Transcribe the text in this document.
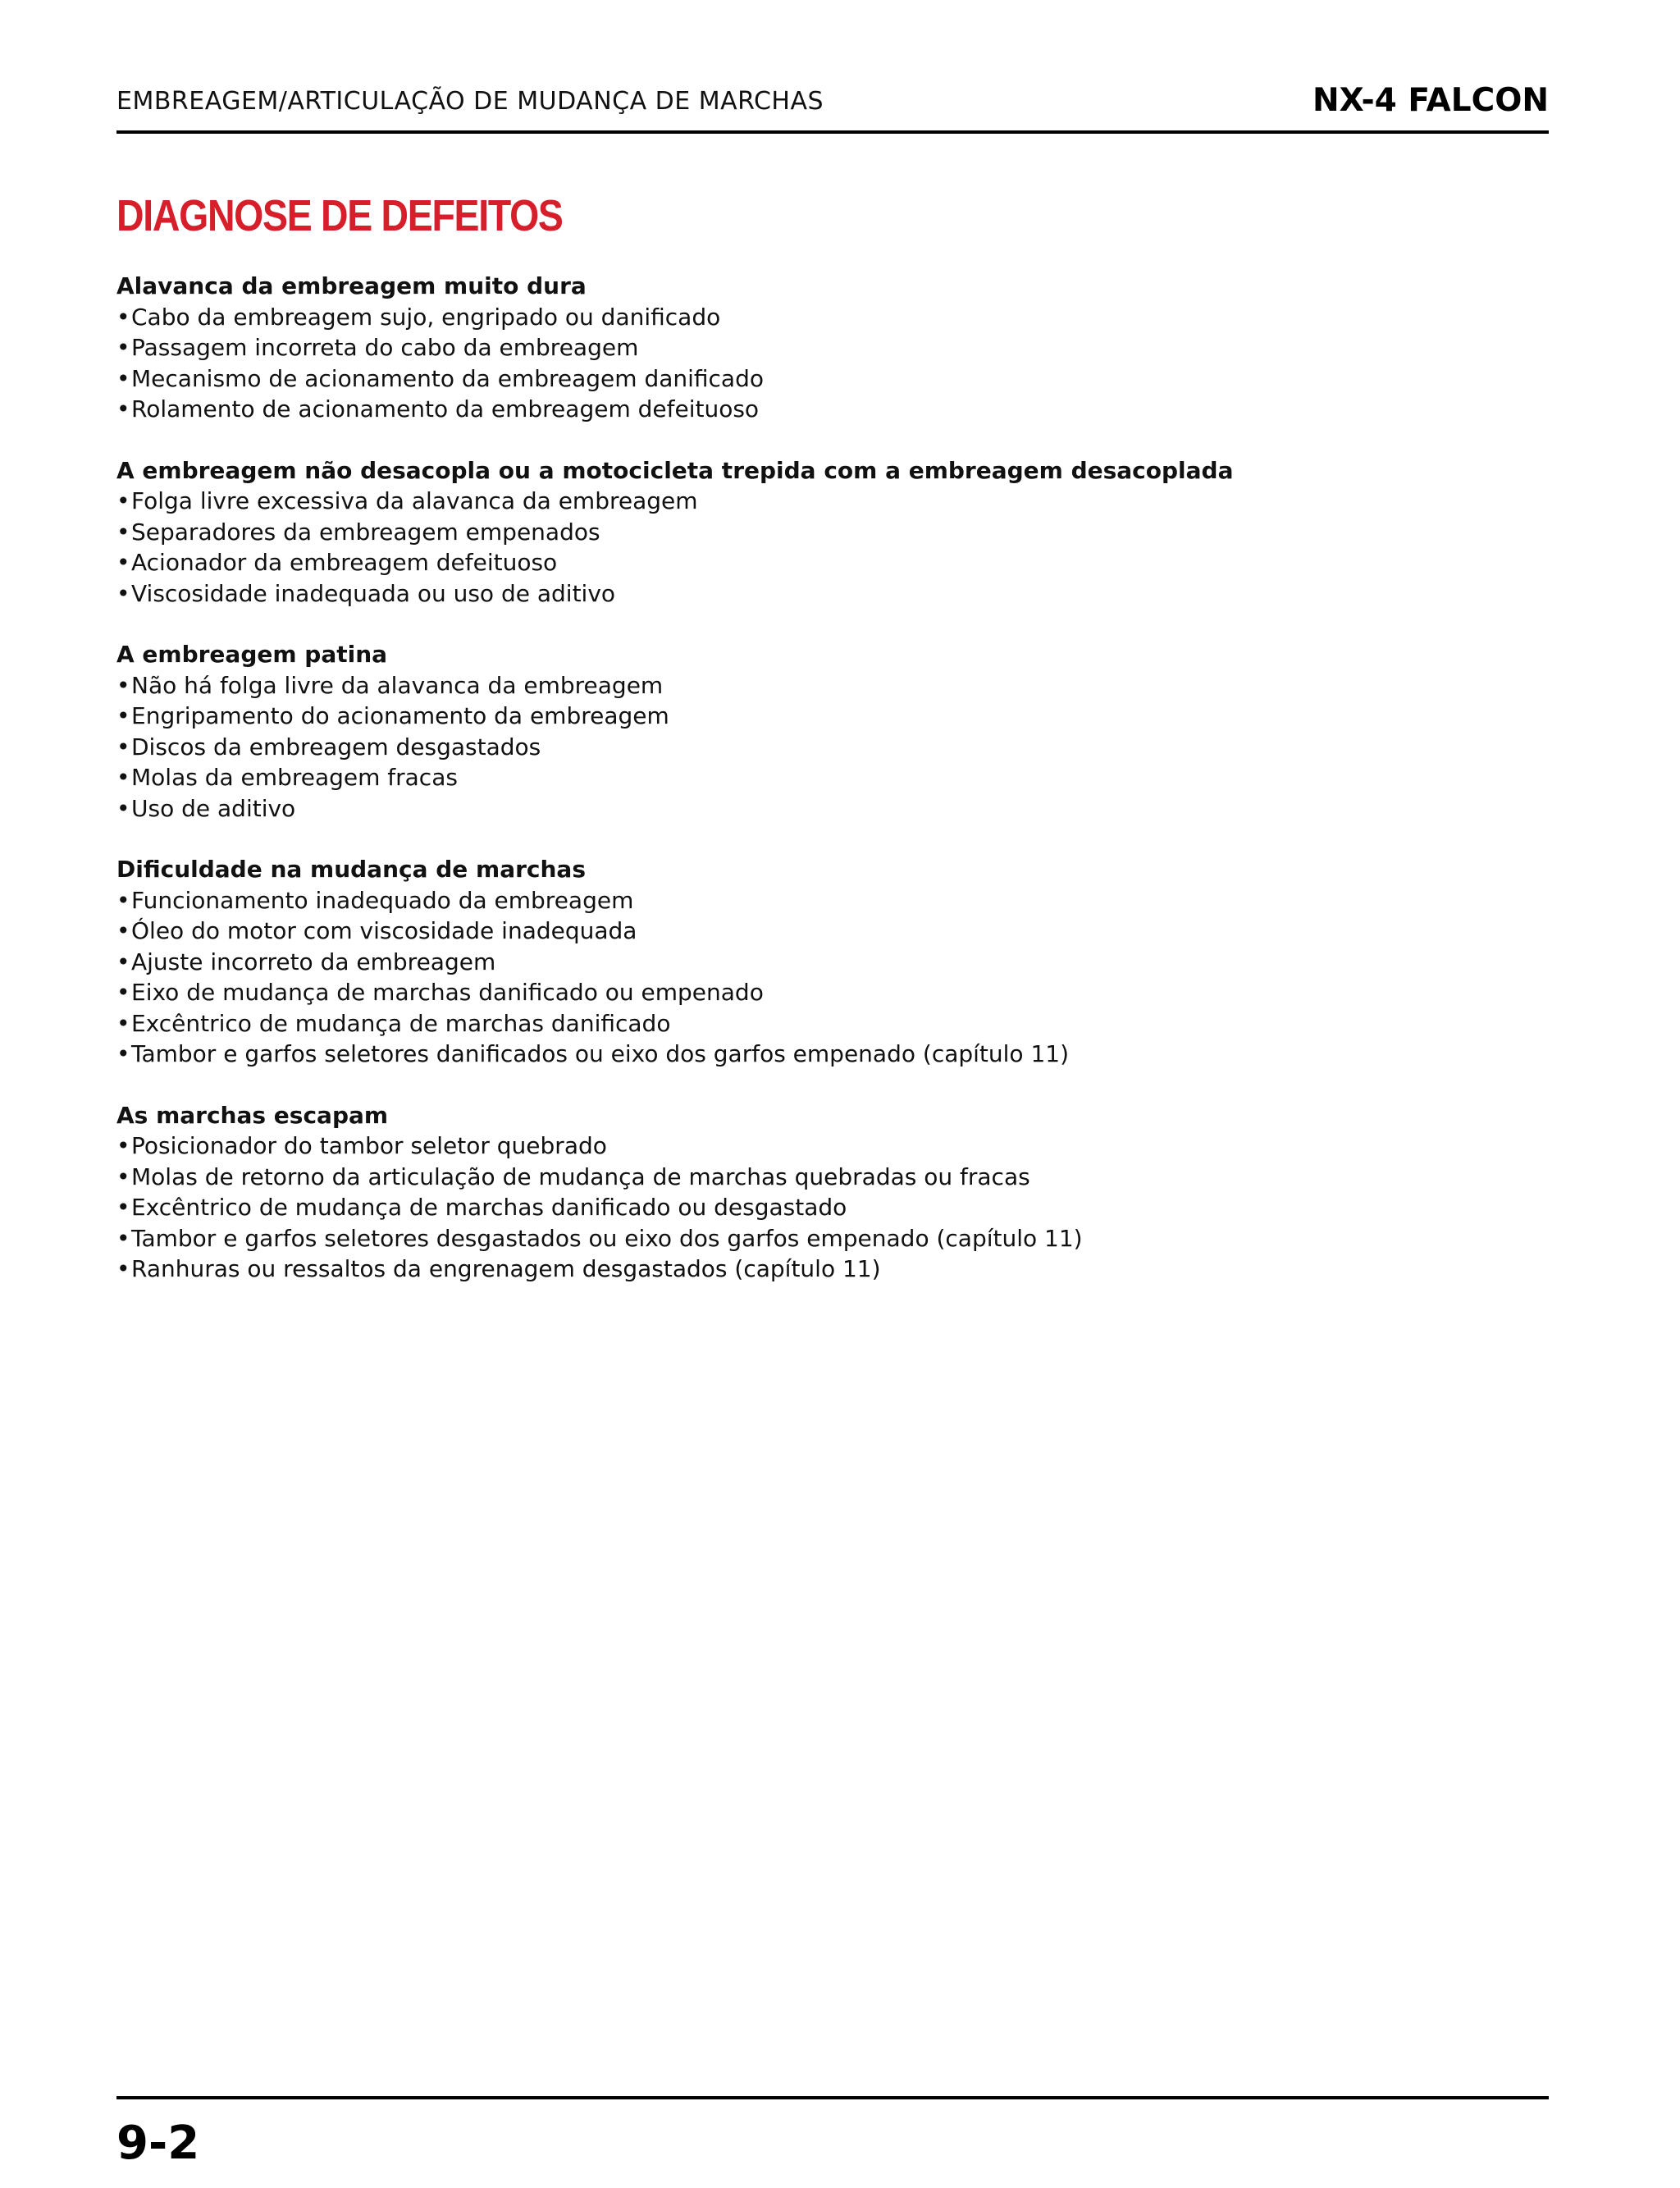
EMBREAGEM/ARTICULAÇÃO DE MUDANÇA DE MARCHAS	NX-4 FALCON
DIAGNOSE DE DEFEITOS
Alavanca da embreagem muito dura
•Cabo da embreagem sujo, engripado ou danificado
•Passagem incorreta do cabo da embreagem
•Mecanismo de acionamento da embreagem danificado
•Rolamento de acionamento da embreagem defeituoso
A embreagem não desacopla ou a motocicleta trepida com a embreagem desacoplada
•Folga livre excessiva da alavanca da embreagem
•Separadores da embreagem empenados
•Acionador da embreagem defeituoso
•Viscosidade inadequada ou uso de aditivo
A embreagem patina
•Não há folga livre da alavanca da embreagem
•Engripamento do acionamento da embreagem
•Discos da embreagem desgastados
•Molas da embreagem fracas
•Uso de aditivo
Dificuldade na mudança de marchas
•Funcionamento inadequado da embreagem
•Óleo do motor com viscosidade inadequada
•Ajuste incorreto da embreagem
•Eixo de mudança de marchas danificado ou empenado
•Excêntrico de mudança de marchas danificado
•Tambor e garfos seletores danificados ou eixo dos garfos empenado (capítulo 11)
As marchas escapam
•Posicionador do tambor seletor quebrado
•Molas de retorno da articulação de mudança de marchas quebradas ou fracas
•Excêntrico de mudança de marchas danificado ou desgastado
•Tambor e garfos seletores desgastados ou eixo dos garfos empenado (capítulo 11)
•Ranhuras ou ressaltos da engrenagem desgastados (capítulo 11)
9-2
